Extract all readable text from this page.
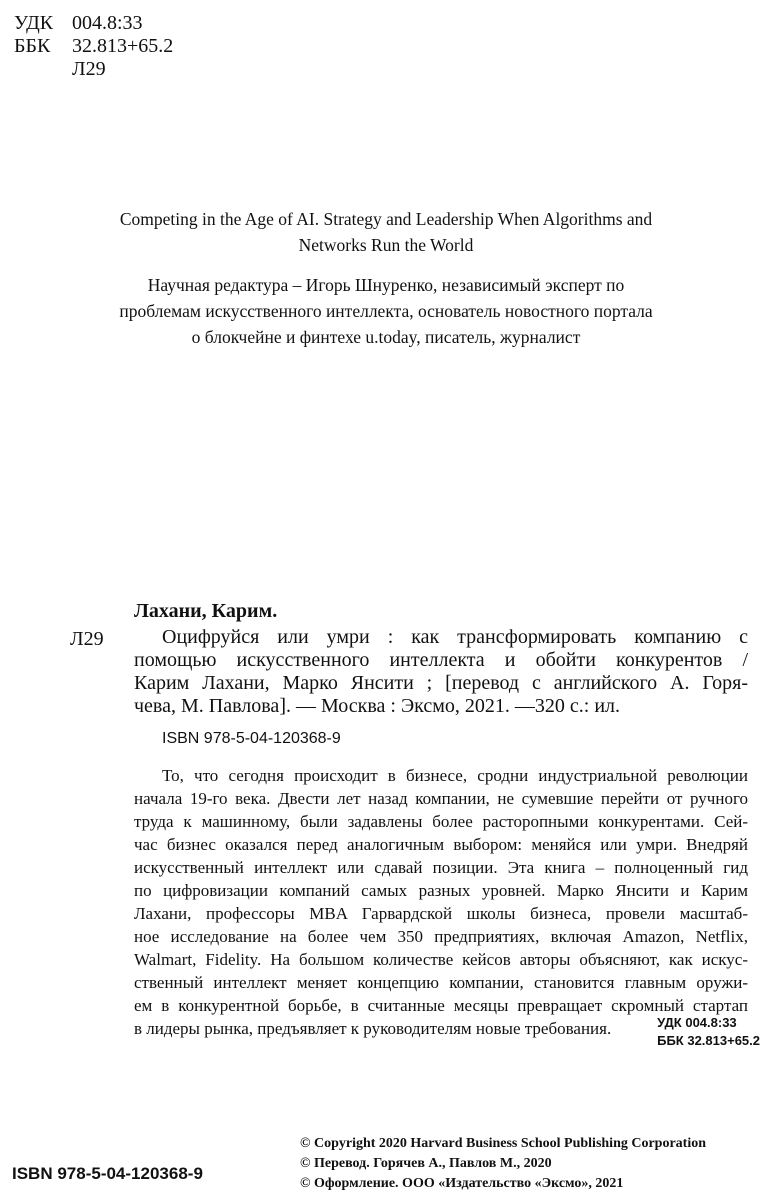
УДК 004.8:33
ББК	32.813+65.2
Л29
Competing in the Age of AI. Strategy and Leadership When Algorithms and
Networks Run the World
Научная редактура – Игорь Шнуренко, независимый эксперт по
проблемам искусственного интеллекта, основатель новостного портала
о блокчейне и финтехе u.today, писатель, журналист
Лахани, Карим.
Л29	Оцифруйся или умри : как трансформировать компанию с
помощью искусственного интеллекта и обойти конкурентов /
Карим Лахани, Марко Янсити ; [перевод с английского А. Горя-
чева, М. Павлова]. — Москва : Эксмо, 2021. —320 с.: ил.
ISBN 978-5-04-120368-9
То, что сегодня происходит в бизнесе, сродни индустриальной революции
начала 19-го века. Двести лет назад компании, не сумевшие перейти от ручного
труда к машинному, были задавлены более расторопными конкурентами. Сей-
час бизнес оказался перед аналогичным выбором: меняйся или умри. Внедряй
искусственный интеллект или сдавай позиции. Эта книга – полноценный гид
по цифровизации компаний самых разных уровней. Марко Янсити и Карим
Лахани, профессоры MBA Гарвардской школы бизнеса, провели масштаб-
ное исследование на более чем 350 предприятиях, включая Amazon, Netflix,
Walmart, Fidelity. На большом количестве кейсов авторы объясняют, как искус-
ственный интеллект меняет концепцию компании, становится главным оружи-
ем в конкурентной борьбе, в считанные месяцы превращает скромный стартап
в лидеры рынка, предъявляет к руководителям новые требования.	УДК 004.8:33
ББК 32.813+65.2
© Copyright 2020 Harvard Business School Publishing Corporation
© Перевод. Горячев А., Павлов М., 2020
© Оформление. ООО «Издательство «Эксмо», 2021
ISBN 978-5-04-120368-9
